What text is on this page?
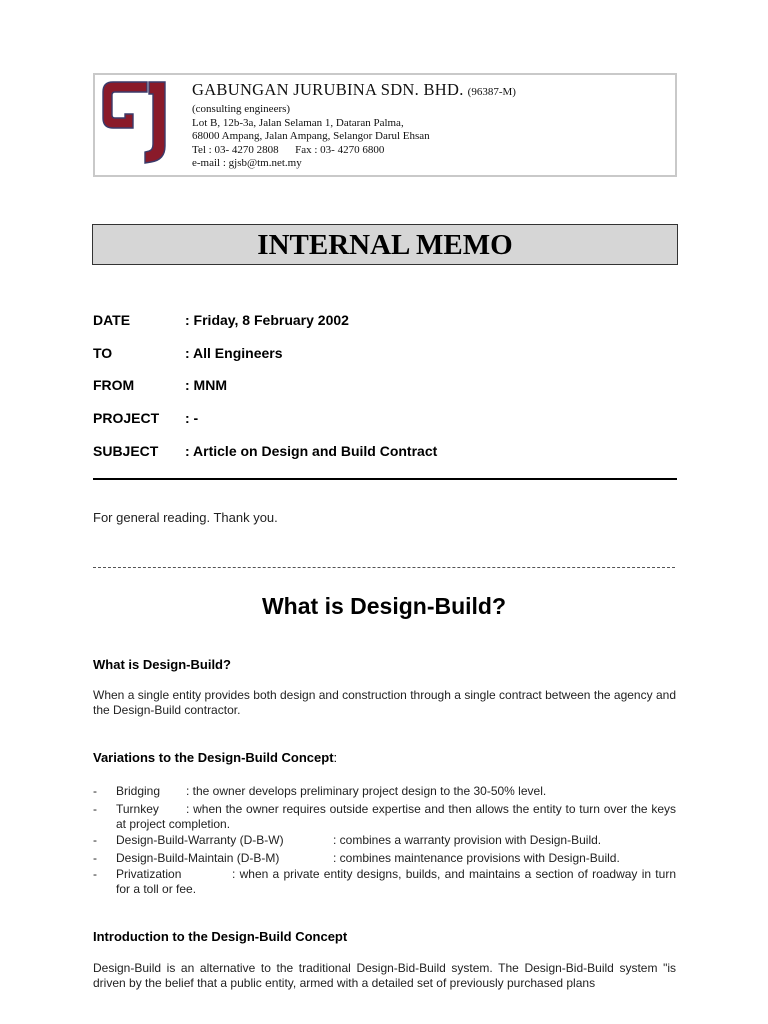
GABUNGAN JURUBINA SDN. BHD. (96387-M)
(consulting engineers)
Lot B, 12b-3a, Jalan Selaman 1, Dataran Palma,
68000 Ampang, Jalan Ampang, Selangor Darul Ehsan
Tel : 03- 4270 2808      Fax : 03- 4270 6800
e-mail : gjsb@tm.net.my
INTERNAL MEMO
DATE	: Friday, 8 February 2002
TO	: All Engineers
FROM	: MNM
PROJECT : -
SUBJECT : Article on Design and Build Contract
For general reading. Thank you.
What is Design-Build?
What is Design-Build?
When a single entity provides both design and construction through a single contract between the agency and the Design-Build contractor.
Variations to the Design-Build Concept:
- Bridging : the owner develops preliminary project design to the 30-50% level.
- Turnkey : when the owner requires outside expertise and then allows the entity to turn over the keys at project completion.
- Design-Build-Warranty (D-B-W)	: combines a warranty provision with Design-Build.
- Design-Build-Maintain (D-B-M)	: combines maintenance provisions with Design-Build.
- Privatization	: when a private entity designs, builds, and maintains a section of roadway in turn for a toll or fee.
Introduction to the Design-Build Concept
Design-Build is an alternative to the traditional Design-Bid-Build system. The Design-Bid-Build system "is driven by the belief that a public entity, armed with a detailed set of previously purchased plans
